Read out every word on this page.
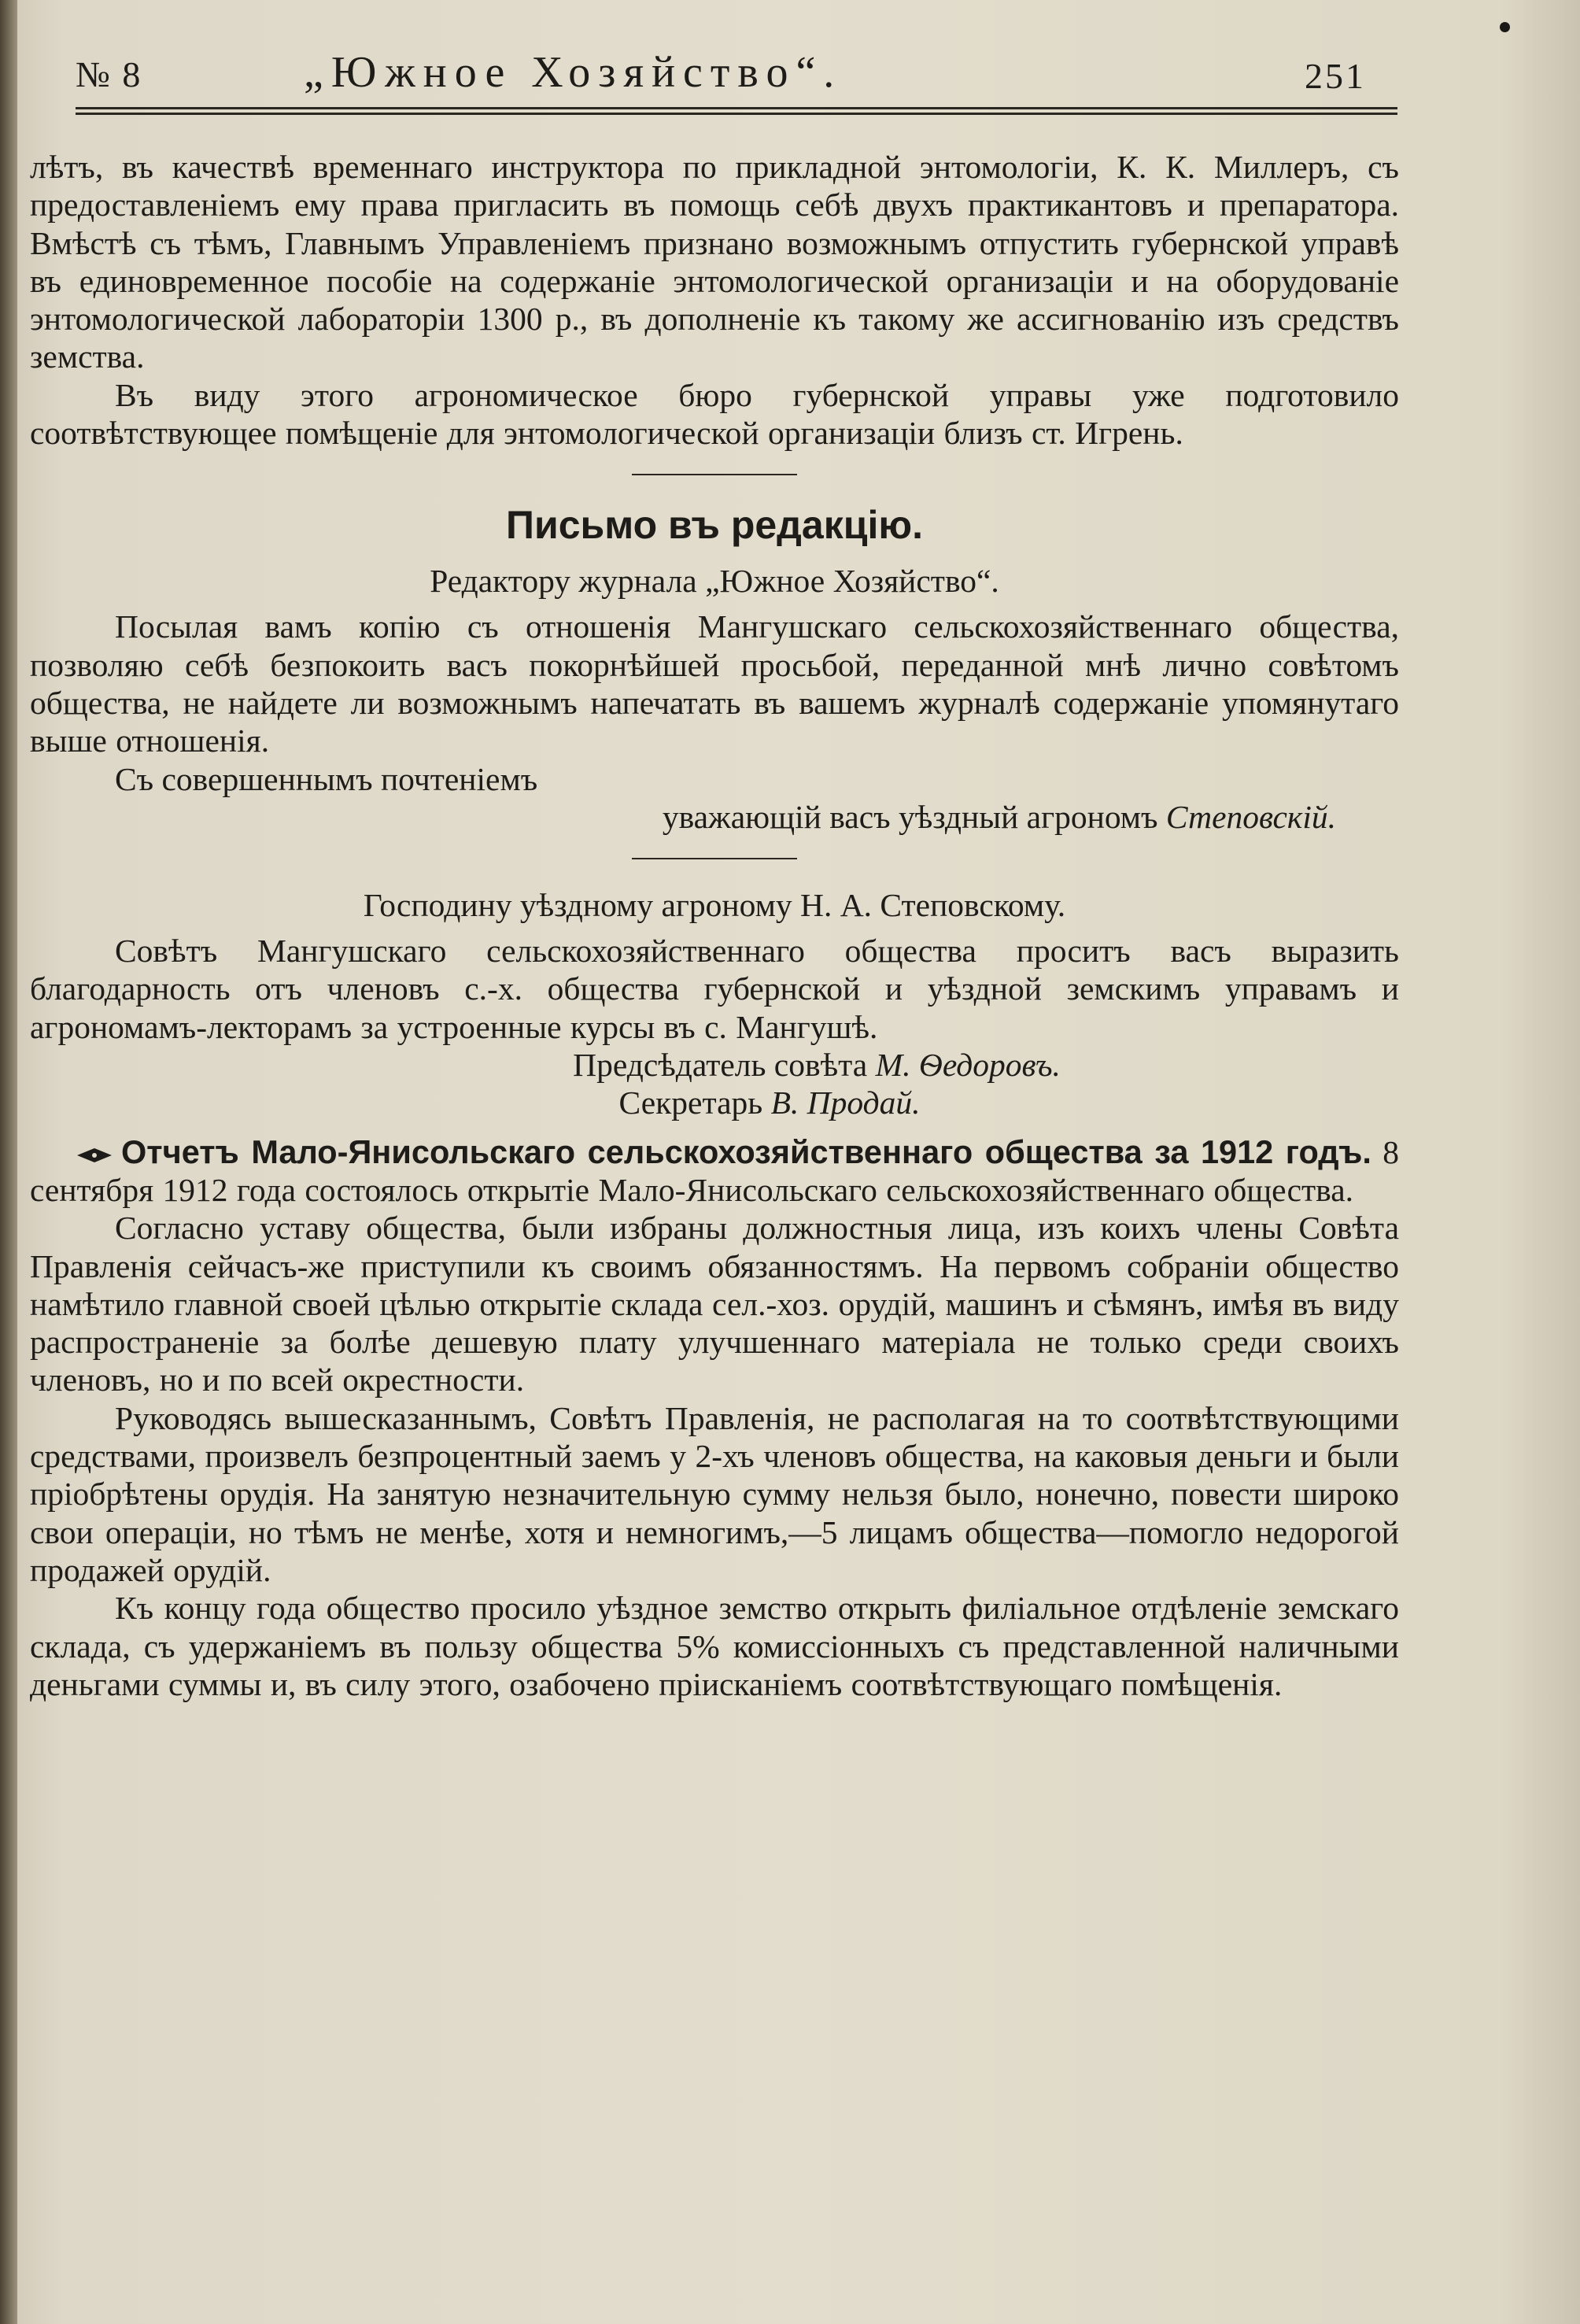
№ 8	„Южное Хозяйство“.	251

лѣтъ, въ качествѣ временнаго инструктора по прикладной энтомологіи, К. К. Миллеръ, съ предоставленіемъ ему права пригласить въ помощь себѣ двухъ практикантовъ и препаратора. Вмѣстѣ съ тѣмъ, Главнымъ Управленіемъ признано возможнымъ отпустить губернской управѣ въ единовременное пособіе на содержаніе энтомологической организаціи и на оборудованіе энтомологической лабораторіи 1300 р., въ дополненіе къ такому же ассигнованію изъ средствъ земства.

Въ виду этого агрономическое бюро губернской управы уже подготовило соотвѣтствующее помѣщеніе для энтомологической организаціи близъ ст. Игрень.

Письмо въ редакцію.
Редактору журнала „Южное Хозяйство“.

Посылая вамъ копію съ отношенія Мангушскаго сельскохозяйственнаго общества, позволяю себѣ безпокоить васъ покорнѣйшей просьбой, переданной мнѣ лично совѣтомъ общества, не найдете ли возможнымъ напечатать въ вашемъ журналѣ содержаніе упомянутаго выше отношенія.

Съ совершеннымъ почтеніемъ
уважающій васъ уѣздный агрономъ Степовскій.
Господину уѣздному агроному Н. А. Степовскому.

Совѣтъ Мангушскаго сельскохозяйственнаго общества проситъ васъ выразить благодарность отъ членовъ с.-х. общества губернской и уѣздной земскимъ управамъ и агрономамъ-лекторамъ за устроенные курсы въ с. Мангушѣ.

Предсѣдатель совѣта М. Ѳедоровъ.
Секретарь В. Продай.

Отчетъ Мало-Янисольскаго сельскохозяйственнаго общества за 1912 годъ. 8 сентября 1912 года состоялось открытіе Мало-Янисольскаго сельскохозяйственнаго общества.

Согласно уставу общества, были избраны должностныя лица, изъ коихъ члены Совѣта Правленія сейчасъ-же приступили къ своимъ обязанностямъ. На первомъ собраніи общество намѣтило главной своей цѣлью открытіе склада сел.-хоз. орудій, машинъ и сѣмянъ, имѣя въ виду распространеніе за болѣе дешевую плату улучшеннаго матеріала не только среди своихъ членовъ, но и по всей окрестности.

Руководясь вышесказаннымъ, Совѣтъ Правленія, не располагая на то соотвѣтствующими средствами, произвелъ безпроцентный заемъ у 2-хъ членовъ общества, на каковыя деньги и были пріобрѣтены орудія. На занятую незначительную сумму нельзя было, нонечно, повести широко свои операціи, но тѣмъ не менѣе, хотя и немногимъ,—5 лицамъ общества—помогло недорогой продажей орудій.

Къ концу года общество просило уѣздное земство открыть филіальное отдѣленіе земскаго склада, съ удержаніемъ въ пользу общества 5% комиссіонныхъ съ представленной наличными деньгами суммы и, въ силу этого, озабочено пріисканіемъ соотвѣтствующаго помѣщенія.
